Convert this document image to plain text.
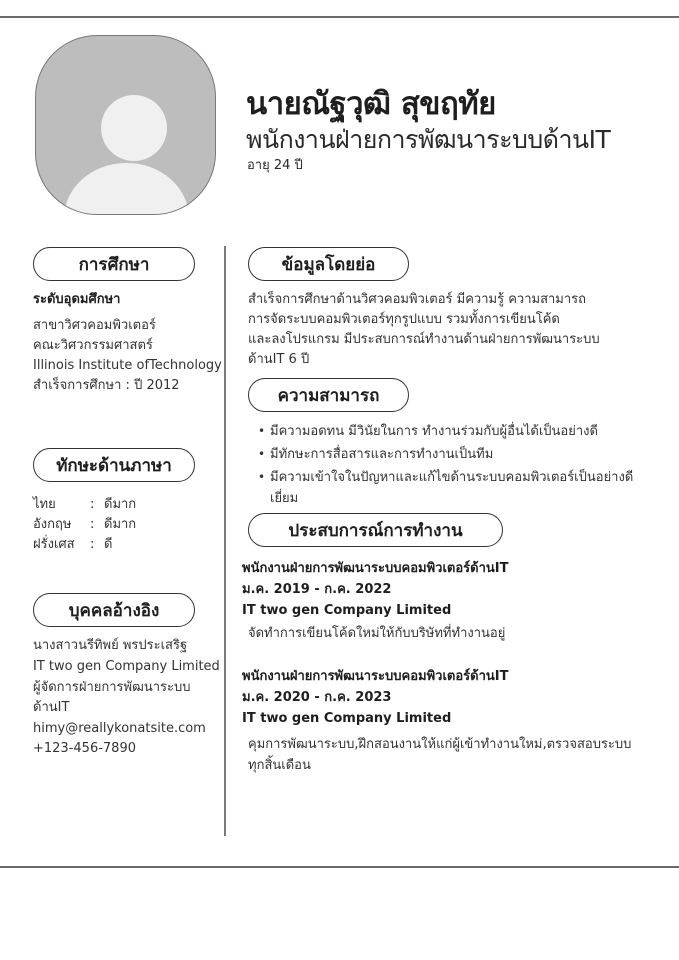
นายณัฐวุฒิ สุขฤทัย
พนักงานฝ่ายการพัฒนาระบบด้านIT
อายุ 24 ปี
การศึกษา
ระดับอุดมศึกษา
สาขาวิศวคอมพิวเตอร์
คณะวิศวกรรมศาสตร์
Illinois Institute ofTechnology
สำเร็จการศึกษา : ปี 2012
ทักษะด้านภาษา
ไทย	: ดีมาก
อังกฤษ : ดีมาก
ฝรั่งเศส : ดี
บุคคลอ้างอิง
นางสาวนรีทิพย์ พรประเสริฐ
IT two gen Company Limited
ผู้จัดการฝ่ายการพัฒนาระบบ
ด้านIT
himy@reallykonatsite.com
+123-456-7890
ข้อมูลโดยย่อ
สำเร็จการศึกษาด้านวิศวคอมพิวเตอร์ มีความรู้ ความสามารถ
การจัดระบบคอมพิวเตอร์ทุกรูปแบบ รวมทั้งการเขียนโค้ด
และลงโปรแกรม มีประสบการณ์ทำงานด้านฝ่ายการพัฒนาระบบ
ด้านIT 6 ปี
ความสามารถ
• มีความอดทน มีวินัยในการ ทำงานร่วมกับผู้อื่นได้เป็นอย่างดี
• มีทักษะการสื่อสารและการทำงานเป็นทีม
• มีความเข้าใจในปัญหาและแก้ไขด้านระบบคอมพิวเตอร์เป็นอย่างดี
เยี่ยม
ประสบการณ์การทำงาน
พนักงานฝ่ายการพัฒนาระบบคอมพิวเตอร์ด้านIT
ม.ค. 2019 - ก.ค. 2022
IT two gen Company Limited
จัดทำการเขียนโค้ดใหม่ให้กับบริษัทที่ทำงานอยู่
พนักงานฝ่ายการพัฒนาระบบคอมพิวเตอร์ด้านIT
ม.ค. 2020 - ก.ค. 2023
IT two gen Company Limited
คุมการพัฒนาระบบ,ฝึกสอนงานให้แก่ผู้เข้าทำงานใหม่,ตรวจสอบระบบ
ทุกสิ้นเดือน
